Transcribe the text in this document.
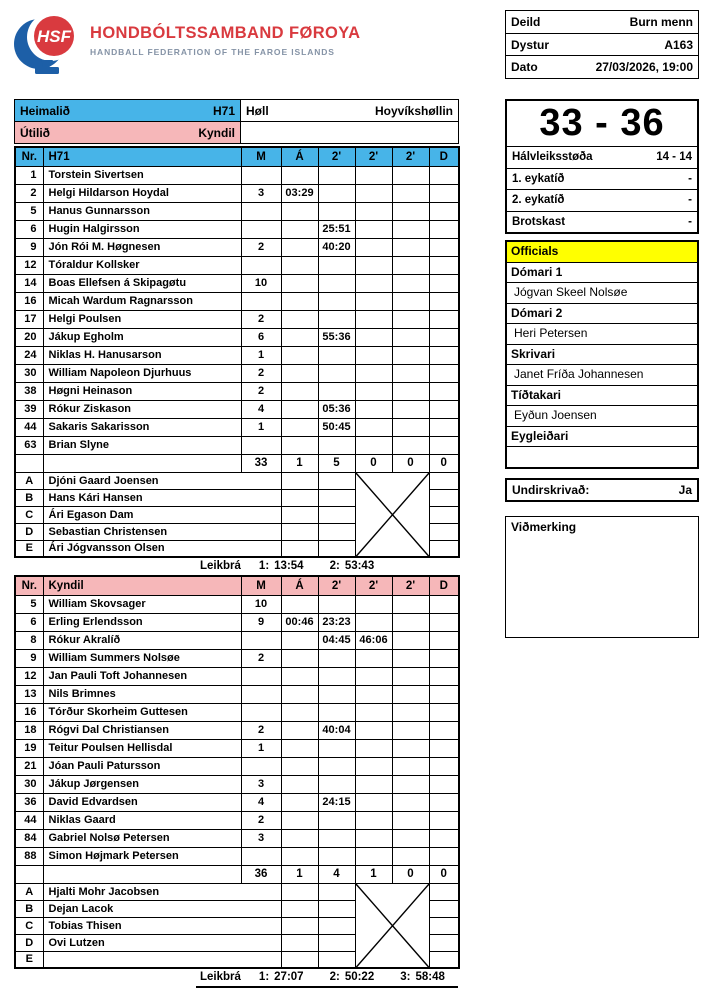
HSF HONDBÓLTSSAMBAND FØROYA
HANDBALL FEDERATION OF THE FAROE ISLANDS
Deild	Burn menn
Dystur	A163
Dato	27/03/2026, 19:00
Heimalið H71	Høll Hoyvíkshøllin

Útilið Kyndil	

Nr.	H71	M	Á	2'	2'	2'	D
1	Torstein Sivertsen						
2	Helgi Hildarson Hoydal	3	03:29				
5	Hanus Gunnarsson						
6	Hugin Halgirsson			25:51			
9	Jón Rói M. Høgnesen	2		40:20			
12	Tóraldur Kollsker						
14	Boas Ellefsen á Skipagøtu	10					
16	Micah Wardum Ragnarsson						
17	Helgi Poulsen	2					
20	Jákup Egholm	6		55:36			
24	Niklas H. Hanusarson	1					
30	William Napoleon Djurhuus	2					
38	Høgni Heinason	2					
39	Rókur Ziskason	4		05:36			
44	Sakaris Sakarisson	1		50:45			
63	Brian Slyne						
		33	1	5	0	0	0
A	Djóni Gaard Joensen			

B	Hans Kári Hansen						
C	Ári Egason Dam						
D	Sebastian Christensen						
E	Ári Jógvansson Olsen						
Leikbrá 1: 13:54 2: 53:43
Nr.	Kyndil	M	Á	2'	2'	2'	D
5	William Skovsager	10					
6	Erling Erlendsson	9	00:46	23:23			
8	Rókur Akralíð			04:45	46:06		
9	William Summers Nolsøe	2					
12	Jan Pauli Toft Johannesen						
13	Nils Brimnes						
16	Tórður Skorheim Guttesen						
18	Rógvi Dal Christiansen	2		40:04			
19	Teitur Poulsen Hellisdal	1					
21	Jóan Pauli Patursson						
30	Jákup Jørgensen	3					
36	David Edvardsen	4		24:15			
44	Niklas Gaard	2					
84	Gabriel Nolsø Petersen	3					
88	Simon Højmark Petersen						
		36	1	4	1	0	0
A	Hjalti Mohr Jacobsen			

B	Dejan Lacok						
C	Tobias Thisen						
D	Ovi Lutzen						
E							
Leikbrá 1: 27:07 2: 50:22 3: 58:48
33 - 36
Hálvleiksstøða	14 - 14
1. eykatíð	-
2. eykatíð	-
Brotskast	-
Officials
Dómari 1
Jógvan Skeel Nolsøe
Dómari 2
Heri Petersen
Skrivari
Janet Fríða Johannesen
Tíðtakari
Eyðun Joensen
Eygleiðari
Undirskrivað:	Ja
Viðmerking
